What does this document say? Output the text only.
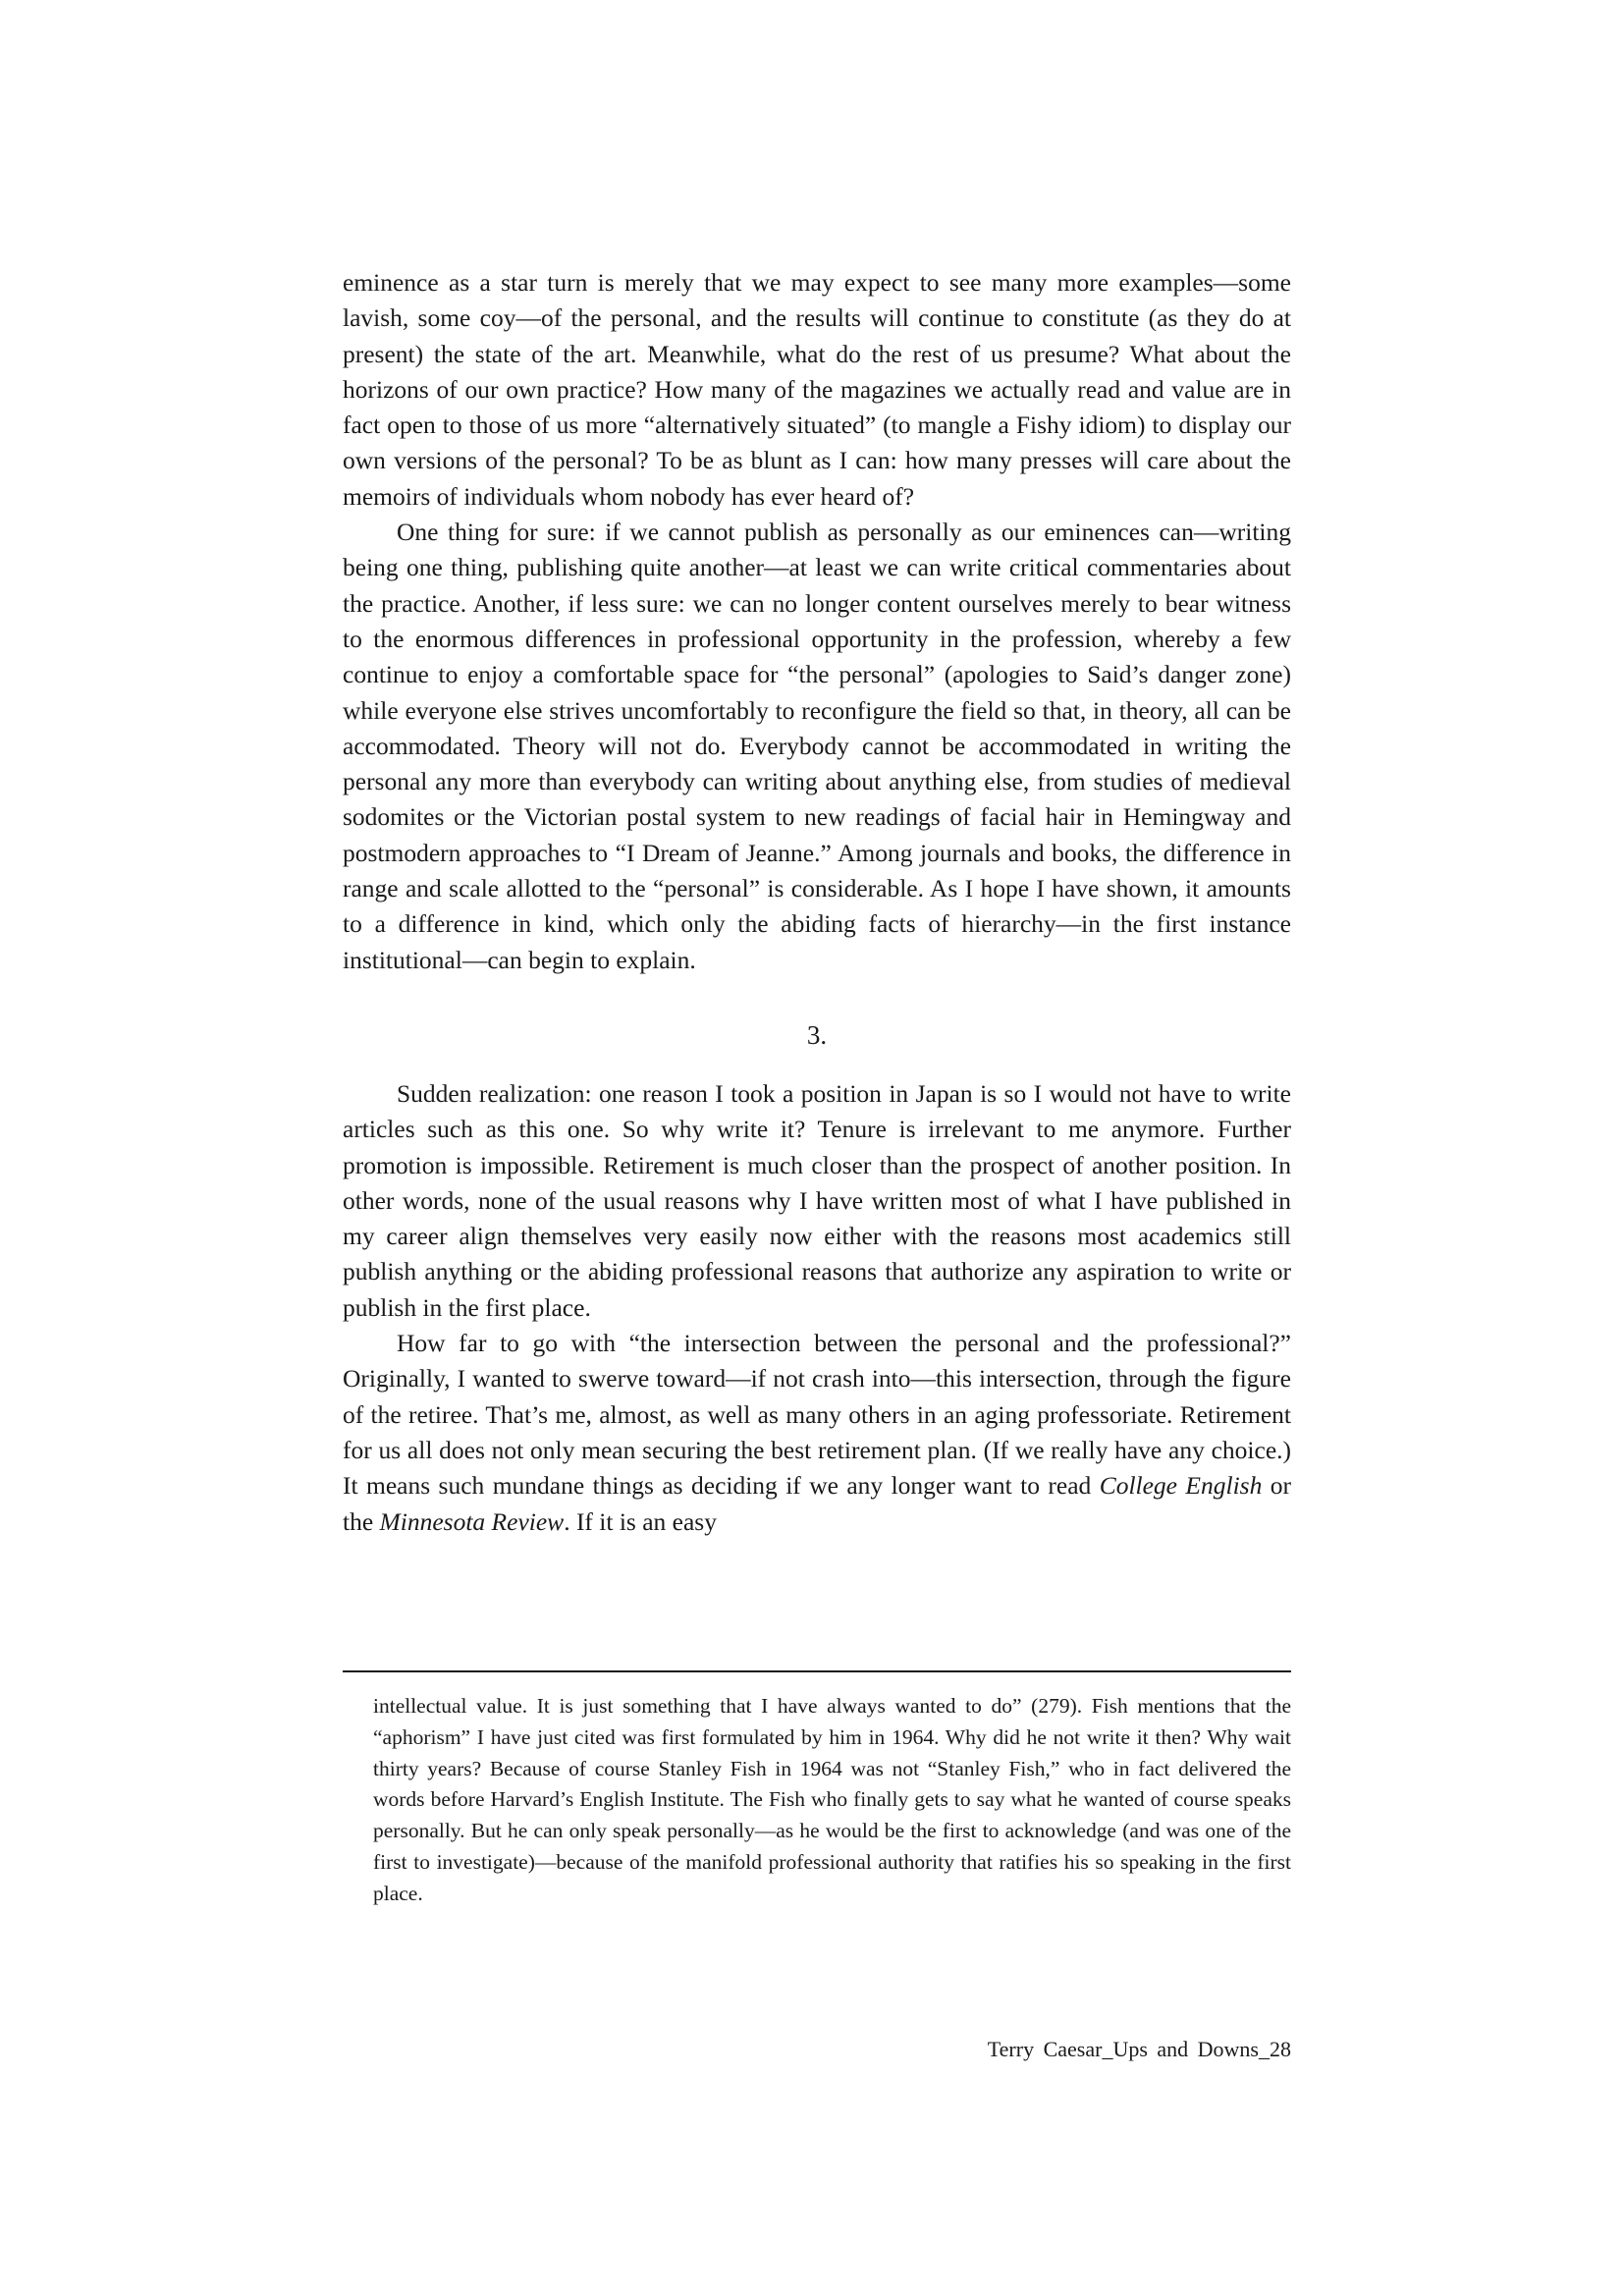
eminence as a star turn is merely that we may expect to see many more examples—some lavish, some coy—of the personal, and the results will continue to constitute (as they do at present) the state of the art. Meanwhile, what do the rest of us presume? What about the horizons of our own practice? How many of the magazines we actually read and value are in fact open to those of us more “alternatively situated” (to mangle a Fishy idiom) to display our own versions of the personal? To be as blunt as I can: how many presses will care about the memoirs of individuals whom nobody has ever heard of?

One thing for sure: if we cannot publish as personally as our eminences can—writing being one thing, publishing quite another—at least we can write critical commentaries about the practice. Another, if less sure: we can no longer content ourselves merely to bear witness to the enormous differences in professional opportunity in the profession, whereby a few continue to enjoy a comfortable space for “the personal” (apologies to Said’s danger zone) while everyone else strives uncomfortably to reconfigure the field so that, in theory, all can be accommodated. Theory will not do. Everybody cannot be accommodated in writing the personal any more than everybody can writing about anything else, from studies of medieval sodomites or the Victorian postal system to new readings of facial hair in Hemingway and postmodern approaches to “I Dream of Jeanne.” Among journals and books, the difference in range and scale allotted to the “personal” is considerable. As I hope I have shown, it amounts to a difference in kind, which only the abiding facts of hierarchy—in the first instance institutional—can begin to explain.

3.

Sudden realization: one reason I took a position in Japan is so I would not have to write articles such as this one. So why write it? Tenure is irrelevant to me anymore. Further promotion is impossible. Retirement is much closer than the prospect of another position. In other words, none of the usual reasons why I have written most of what I have published in my career align themselves very easily now either with the reasons most academics still publish anything or the abiding professional reasons that authorize any aspiration to write or publish in the first place.

How far to go with “the intersection between the personal and the professional?” Originally, I wanted to swerve toward—if not crash into—this intersection, through the figure of the retiree. That’s me, almost, as well as many others in an aging professoriate. Retirement for us all does not only mean securing the best retirement plan. (If we really have any choice.) It means such mundane things as deciding if we any longer want to read College English or the Minnesota Review. If it is an easy

intellectual value. It is just something that I have always wanted to do” (279). Fish mentions that the “aphorism” I have just cited was first formulated by him in 1964. Why did he not write it then? Why wait thirty years? Because of course Stanley Fish in 1964 was not “Stanley Fish,” who in fact delivered the words before Harvard’s English Institute. The Fish who finally gets to say what he wanted of course speaks personally. But he can only speak personally—as he would be the first to acknowledge (and was one of the first to investigate)—because of the manifold professional authority that ratifies his so speaking in the first place.

Terry Caesar_Ups and Downs_28
